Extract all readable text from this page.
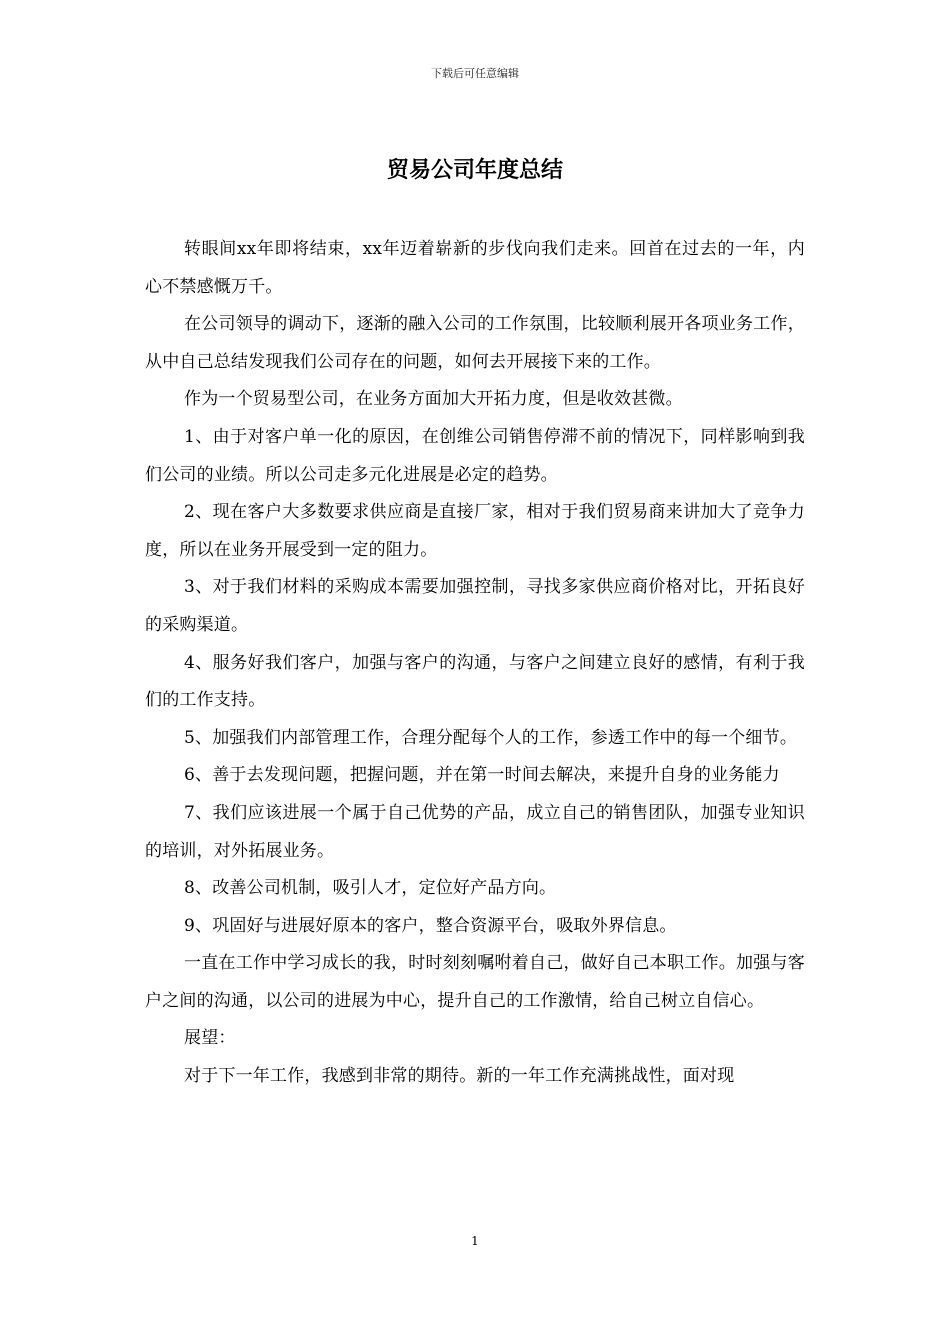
下载后可任意编辑
贸易公司年度总结

转眼间xx年即将结束，xx年迈着崭新的步伐向我们走来。回首在过去的一年，内心不禁感慨万千。

在公司领导的调动下，逐渐的融入公司的工作氛围，比较顺利展开各项业务工作，从中自己总结发现我们公司存在的问题，如何去开展接下来的工作。

作为一个贸易型公司，在业务方面加大开拓力度，但是收效甚微。

1、由于对客户单一化的原因，在创维公司销售停滞不前的情况下，同样影响到我们公司的业绩。所以公司走多元化进展是必定的趋势。

2、现在客户大多数要求供应商是直接厂家，相对于我们贸易商来讲加大了竞争力度，所以在业务开展受到一定的阻力。

3、对于我们材料的采购成本需要加强控制，寻找多家供应商价格对比，开拓良好的采购渠道。

4、服务好我们客户，加强与客户的沟通，与客户之间建立良好的感情，有利于我们的工作支持。

5、加强我们内部管理工作，合理分配每个人的工作，参透工作中的每一个细节。

6、善于去发现问题，把握问题，并在第一时间去解决，来提升自身的业务能力

7、我们应该进展一个属于自己优势的产品，成立自己的销售团队，加强专业知识的培训，对外拓展业务。

8、改善公司机制，吸引人才，定位好产品方向。

9、巩固好与进展好原本的客户，整合资源平台，吸取外界信息。

一直在工作中学习成长的我，时时刻刻嘱咐着自己，做好自己本职工作。加强与客户之间的沟通，以公司的进展为中心，提升自己的工作激情，给自己树立自信心。

展望：

对于下一年工作，我感到非常的期待。新的一年工作充满挑战性，面对现

1
